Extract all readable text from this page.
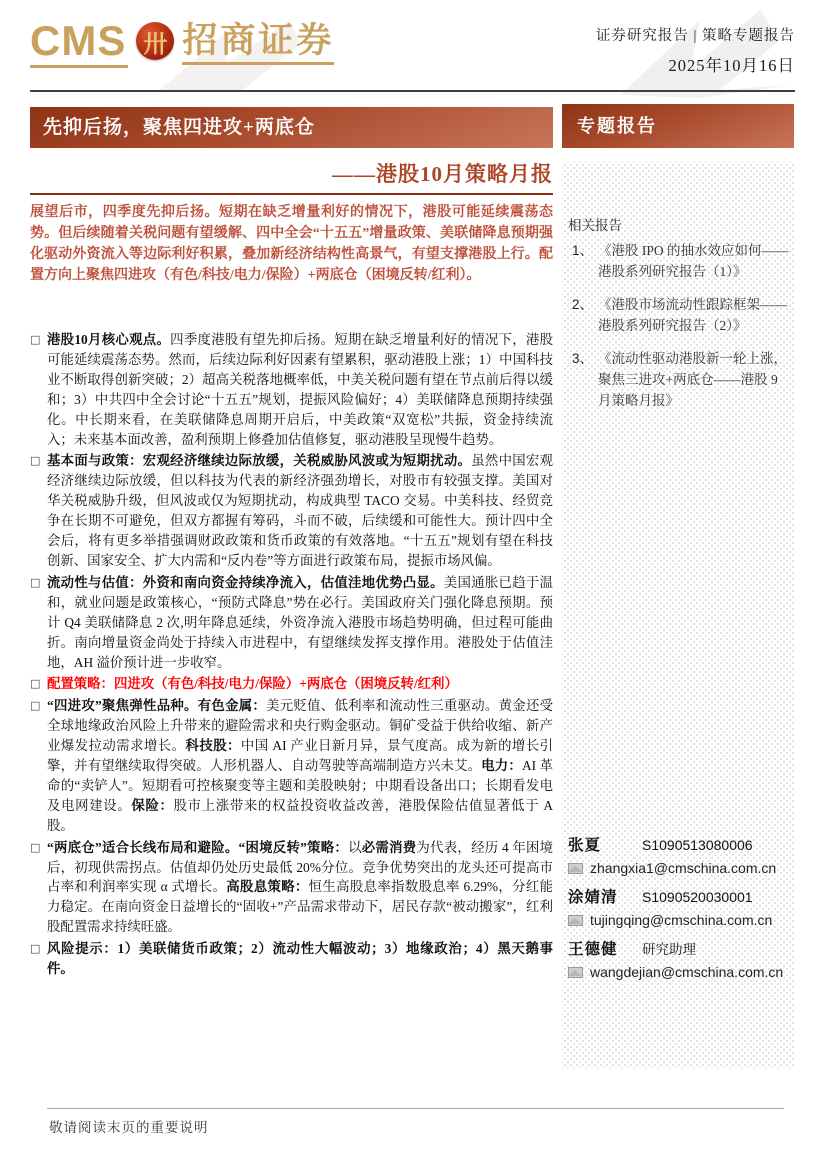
CMS 卅 招商证券	证券研究报告 | 策略专题报告
2025年10月16日
先抑后扬，聚焦四进攻+两底仓
——港股10月策略月报
展望后市，四季度先抑后扬。短期在缺乏增量利好的情况下，港股可能延续震荡态势。但后续随着关税问题有望缓解、四中全会“十五五”增量政策、美联储降息预期强化驱动外资流入等边际利好积累，叠加新经济结构性高景气，有望支撑港股上行。配置方向上聚焦四进攻（有色/科技/电力/保险）+两底仓（困境反转/红利）。
□ 港股10月核心观点。四季度港股有望先抑后扬。短期在缺乏增量利好的情况下，港股可能延续震荡态势。然而，后续边际利好因素有望累积，驱动港股上涨；1）中国科技业不断取得创新突破；2）超高关税落地概率低，中美关税问题有望在节点前后得以缓和；3）中共四中全会讨论“十五五”规划，提振风险偏好；4）美联储降息预期持续强化。中长期来看，在美联储降息周期开启后，中美政策“双宽松”共振，资金持续流入；未来基本面改善，盈利预期上修叠加估值修复，驱动港股呈现慢牛趋势。
□ 基本面与政策：宏观经济继续边际放缓，关税威胁风波或为短期扰动。虽然中国宏观经济继续边际放缓，但以科技为代表的新经济强劲增长，对股市有较强支撑。美国对华关税威胁升级，但风波或仅为短期扰动，构成典型 TACO 交易。中美科技、经贸竞争在长期不可避免，但双方都握有筹码，斗而不破，后续缓和可能性大。预计四中全会后，将有更多举措强调财政政策和货币政策的有效落地。“十五五”规划有望在科技创新、国家安全、扩大内需和“反内卷”等方面进行政策布局，提振市场风偏。
□ 流动性与估值：外资和南向资金持续净流入，估值洼地优势凸显。美国通胀已趋于温和，就业问题是政策核心，“预防式降息”势在必行。美国政府关门强化降息预期。预计 Q4 美联储降息 2 次,明年降息延续，外资净流入港股市场趋势明确，但过程可能曲折。南向增量资金尚处于持续入市进程中，有望继续发挥支撑作用。港股处于估值洼地，AH 溢价预计进一步收窄。
□ 配置策略：四进攻（有色/科技/电力/保险）+两底仓（困境反转/红利）
□ “四进攻”聚焦弹性品种。有色金属：美元贬值、低利率和流动性三重驱动。黄金还受全球地缘政治风险上升带来的避险需求和央行购金驱动。铜矿受益于供给收缩、新产业爆发拉动需求增长。科技股：中国 AI 产业日新月异，景气度高。成为新的增长引擎，并有望继续取得突破。人形机器人、自动驾驶等高端制造方兴未艾。电力：AI 革命的“卖铲人”。短期看可控核聚变等主题和美股映射；中期看设备出口；长期看发电及电网建设。保险：股市上涨带来的权益投资收益改善，港股保险估值显著低于 A 股。
□ “两底仓”适合长线布局和避险。“困境反转”策略：以必需消费为代表，经历 4 年困境后，初现供需拐点。估值却仍处历史最低 20%分位。竞争优势突出的龙头还可提高市占率和利润率实现 α 式增长。高股息策略：恒生高股息率指数股息率 6.29%，分红能力稳定。在南向资金日益增长的“固收+”产品需求带动下，居民存款“被动搬家”，红利股配置需求持续旺盛。
□ 风险提示：1）美联储货币政策；2）流动性大幅波动；3）地缘政治；4）黑天鹅事件。
专题报告
相关报告
1、 《港股 IPO 的抽水效应如何——港股系列研究报告（1）》
2、 《港股市场流动性跟踪框架——港股系列研究报告（2）》
3、 《流动性驱动港股新一轮上涨，聚焦三进攻+两底仓——港股 9 月策略月报》
张夏	S1090513080006
zhangxia1@cmschina.com.cn
涂婧清	S1090520030001
tujingqing@cmschina.com.cn
王德健	研究助理
wangdejian@cmschina.com.cn
敬请阅读末页的重要说明
